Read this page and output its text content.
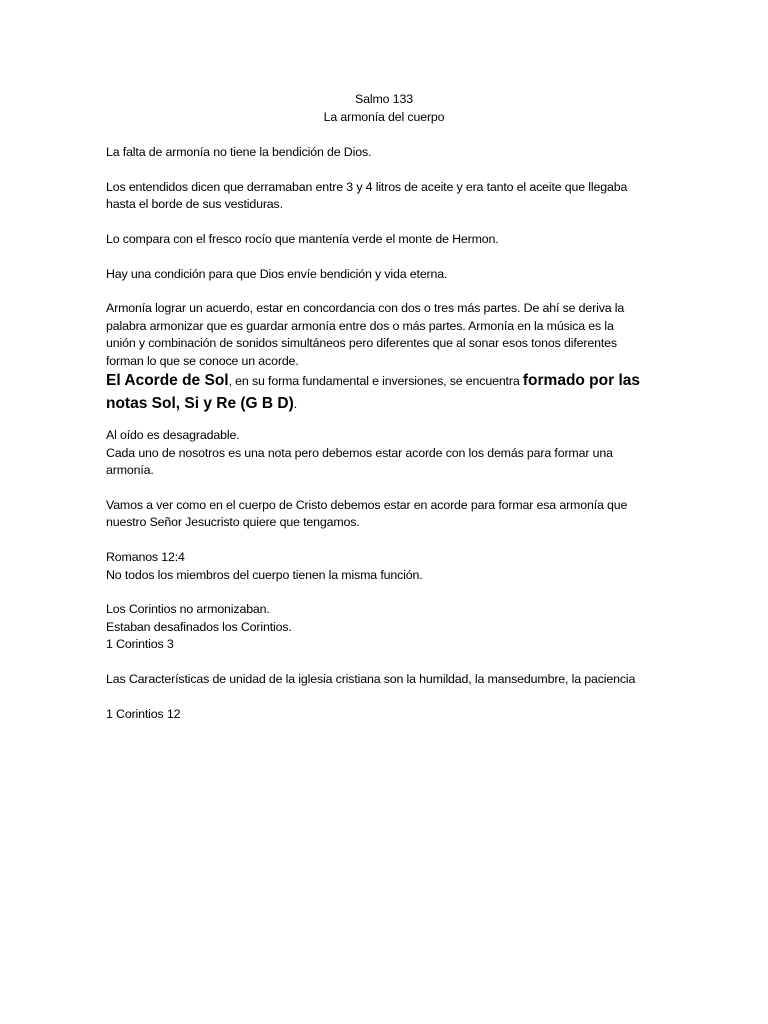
Salmo 133
La armonía del cuerpo

La falta de armonía no tiene la bendición de Dios.

Los entendidos dicen que derramaban entre 3 y 4 litros de aceite y era tanto el aceite que llegaba

hasta el borde de sus vestiduras.

Lo compara con el fresco rocío que mantenía verde el monte de Hermon.

Hay una condición para que Dios envíe bendición y vida eterna.

Armonía lograr un acuerdo, estar en concordancia con dos o tres más partes. De ahí se deriva la

palabra armonizar que es guardar armonía entre dos o más partes. Armonía en la música es la

unión y combinación de sonidos simultáneos pero diferentes que al sonar esos tonos diferentes

forman lo que se conoce un acorde.

El Acorde de Sol, en su forma fundamental e inversiones, se encuentra formado por las

notas Sol, Si y Re (G B D).

Al oído es desagradable.

Cada uno de nosotros es una nota pero debemos estar acorde con los demás para formar una

armonía.

Vamos a ver como en el cuerpo de Cristo debemos estar en acorde para formar esa armonía que

nuestro Señor Jesucristo quiere que tengamos.

Romanos 12:4

No todos los miembros del cuerpo tienen la misma función.

Los Corintios no armonizaban.

Estaban desafinados los Corintios.

1 Corintios 3

Las Características de unidad de la iglesia cristiana son la humildad, la mansedumbre, la paciencia

1 Corintios 12
